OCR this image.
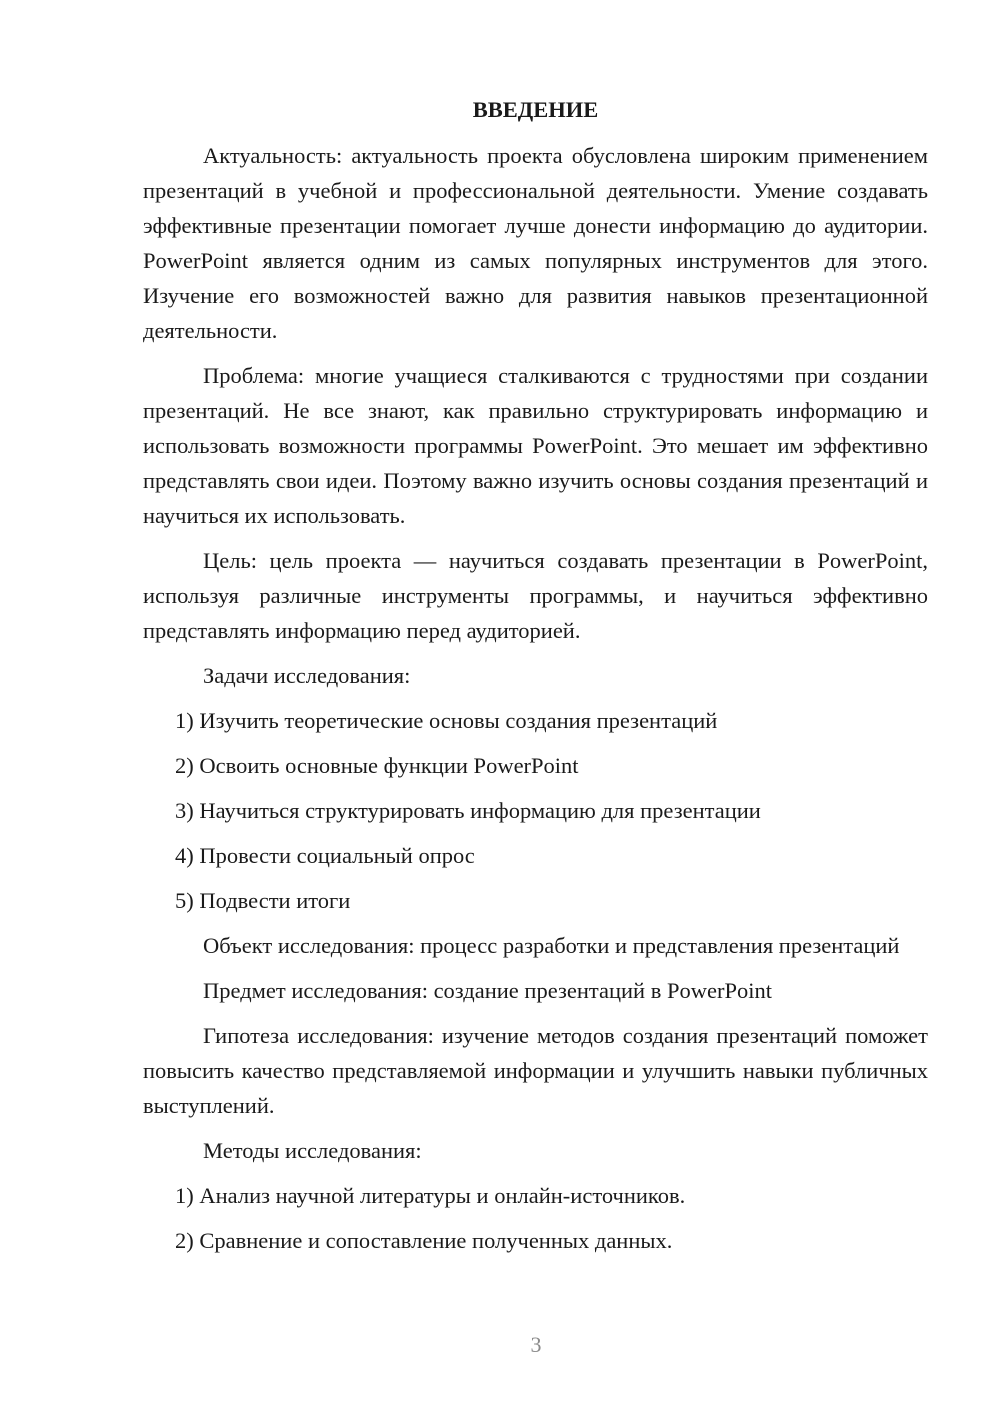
ВВЕДЕНИЕ

Актуальность: актуальность проекта обусловлена широким применением презентаций в учебной и профессиональной деятельности. Умение создавать эффективные презентации помогает лучше донести информацию до аудитории. PowerPoint является одним из самых популярных инструментов для этого. Изучение его возможностей важно для развития навыков презентационной деятельности.

Проблема: многие учащиеся сталкиваются с трудностями при создании презентаций. Не все знают, как правильно структурировать информацию и использовать возможности программы PowerPoint. Это мешает им эффективно представлять свои идеи. Поэтому важно изучить основы создания презентаций и научиться их использовать.

Цель: цель проекта — научиться создавать презентации в PowerPoint, используя различные инструменты программы, и научиться эффективно представлять информацию перед аудиторией.

Задачи исследования:

1) Изучить теоретические основы создания презентаций
2) Освоить основные функции PowerPoint
3) Научиться структурировать информацию для презентации
4) Провести социальный опрос
5) Подвести итоги

Объект исследования: процесс разработки и представления презентаций

Предмет исследования: создание презентаций в PowerPoint

Гипотеза исследования: изучение методов создания презентаций поможет повысить качество представляемой информации и улучшить навыки публичных выступлений.

Методы исследования:

1) Анализ научной литературы и онлайн-источников.
2) Сравнение и сопоставление полученных данных.
3
